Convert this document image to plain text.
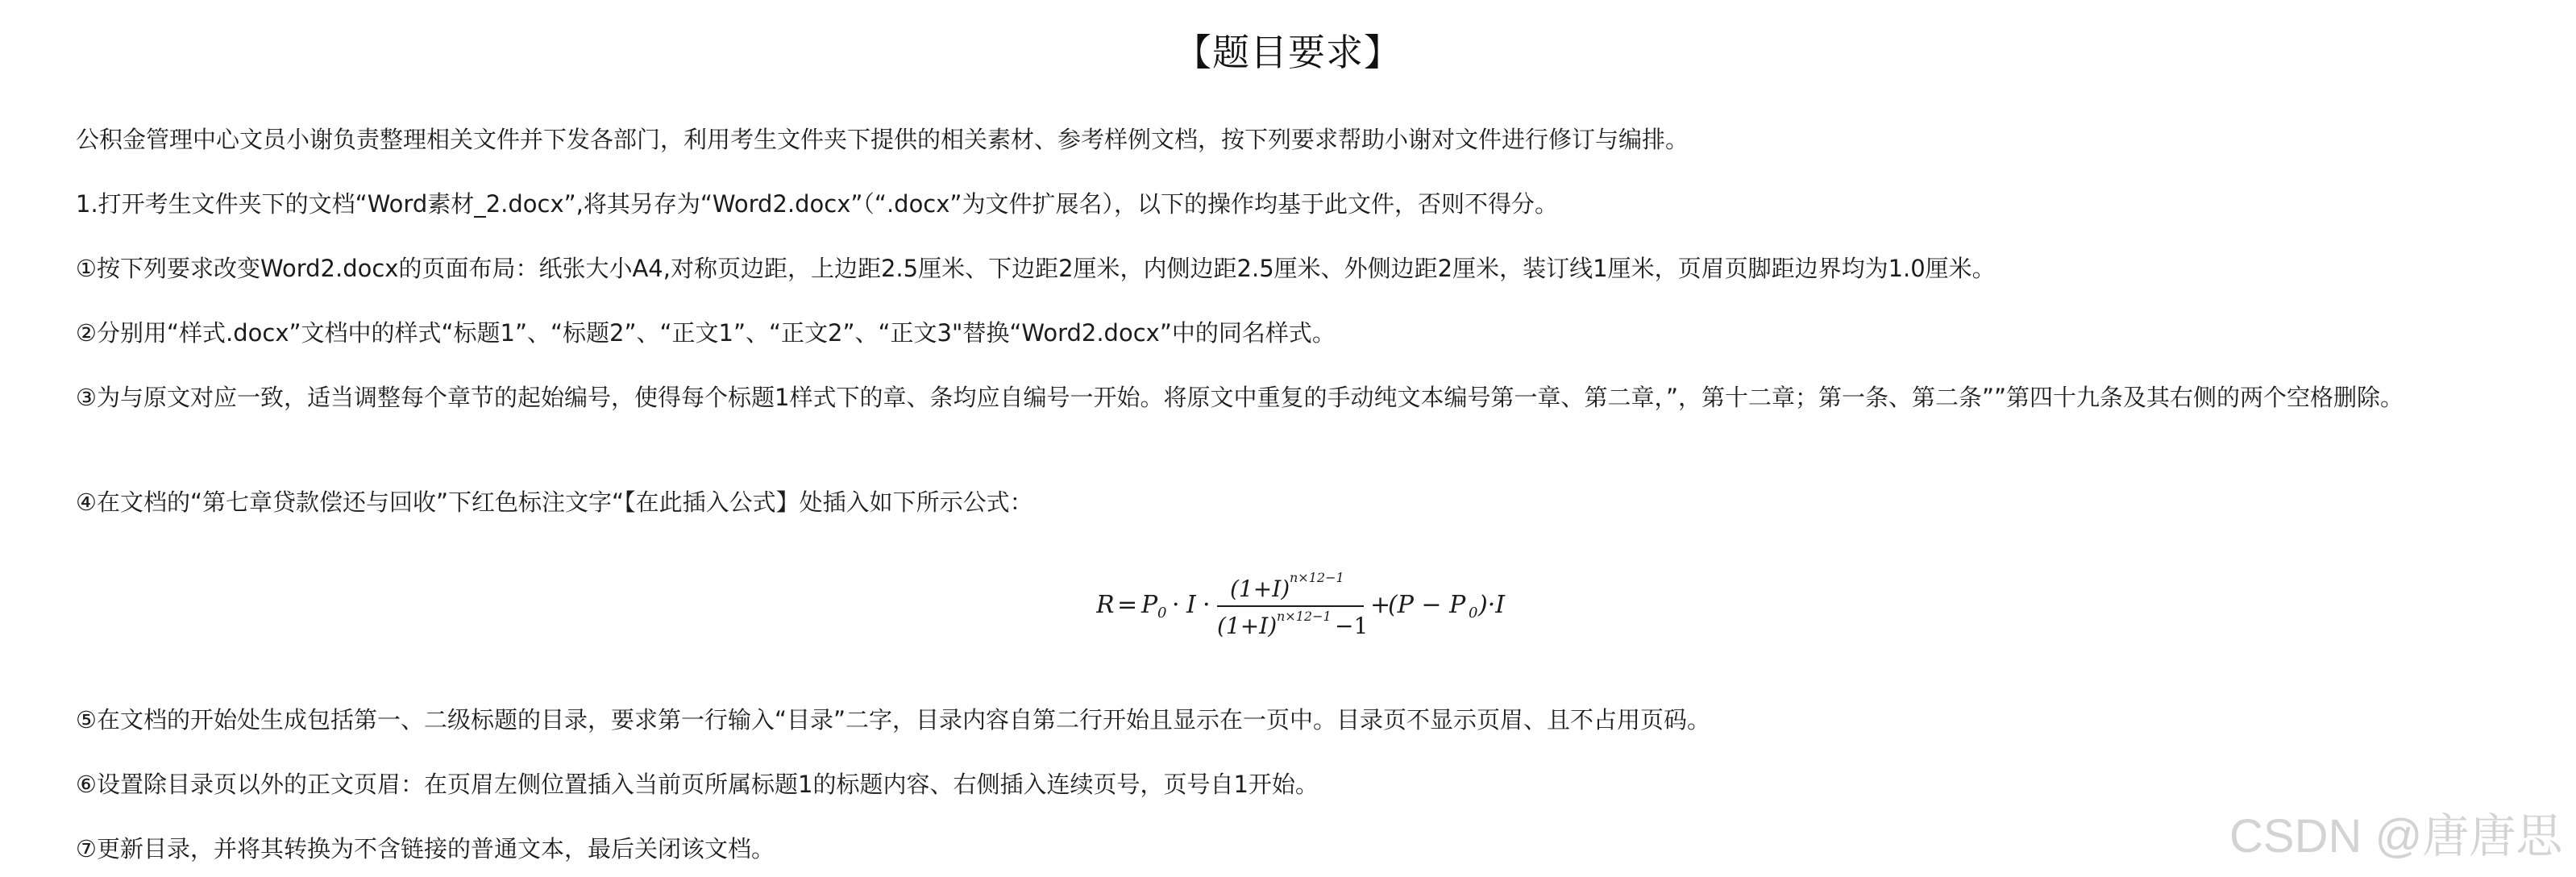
【题目要求】
公积金管理中心文员小谢负责整理相关文件并下发各部门，利用考生文件夹下提供的相关素材、参考样例文档，按下列要求帮助小谢对文件进行修订与编排。
1.打开考生文件夹下的文档“Word素材_2.docx”,将其另存为“Word2.docx”（“.docx”为文件扩展名），以下的操作均基于此文件，否则不得分。
①按下列要求改变Word2.docx的页面布局：纸张大小A4,对称页边距，上边距2.5厘米、下边距2厘米，内侧边距2.5厘米、外侧边距2厘米，装订线1厘米，页眉页脚距边界均为1.0厘米。
②分别用“样式.docx”文档中的样式“标题1”、“标题2”、“正文1”、“正文2”、“正文3"替换“Word2.docx”中的同名样式。
③为与原文对应一致，适当调整每个章节的起始编号，使得每个标题1样式下的章、条均应自编号一开始。将原文中重复的手动纯文本编号第一章、第二章，”，第十二章；第一条、第二条””第四十九条及其右侧的两个空格删除。
④在文档的“第七章贷款偿还与回收”下红色标注文字“【在此插入公式】处插入如下所示公式：
R = P 0 · I ·
(1+I) n×12−1
(1+I) n×12−1 −1
+
(P − P 0 )·I
⑤在文档的开始处生成包括第一、二级标题的目录，要求第一行输入“目录”二字，目录内容自第二行开始且显示在一页中。目录页不显示页眉、且不占用页码。
⑥设置除目录页以外的正文页眉：在页眉左侧位置插入当前页所属标题1的标题内容、右侧插入连续页号，页号自1开始。
⑦更新目录，并将其转换为不含链接的普通文本，最后关闭该文档。	CSDN @唐唐思
